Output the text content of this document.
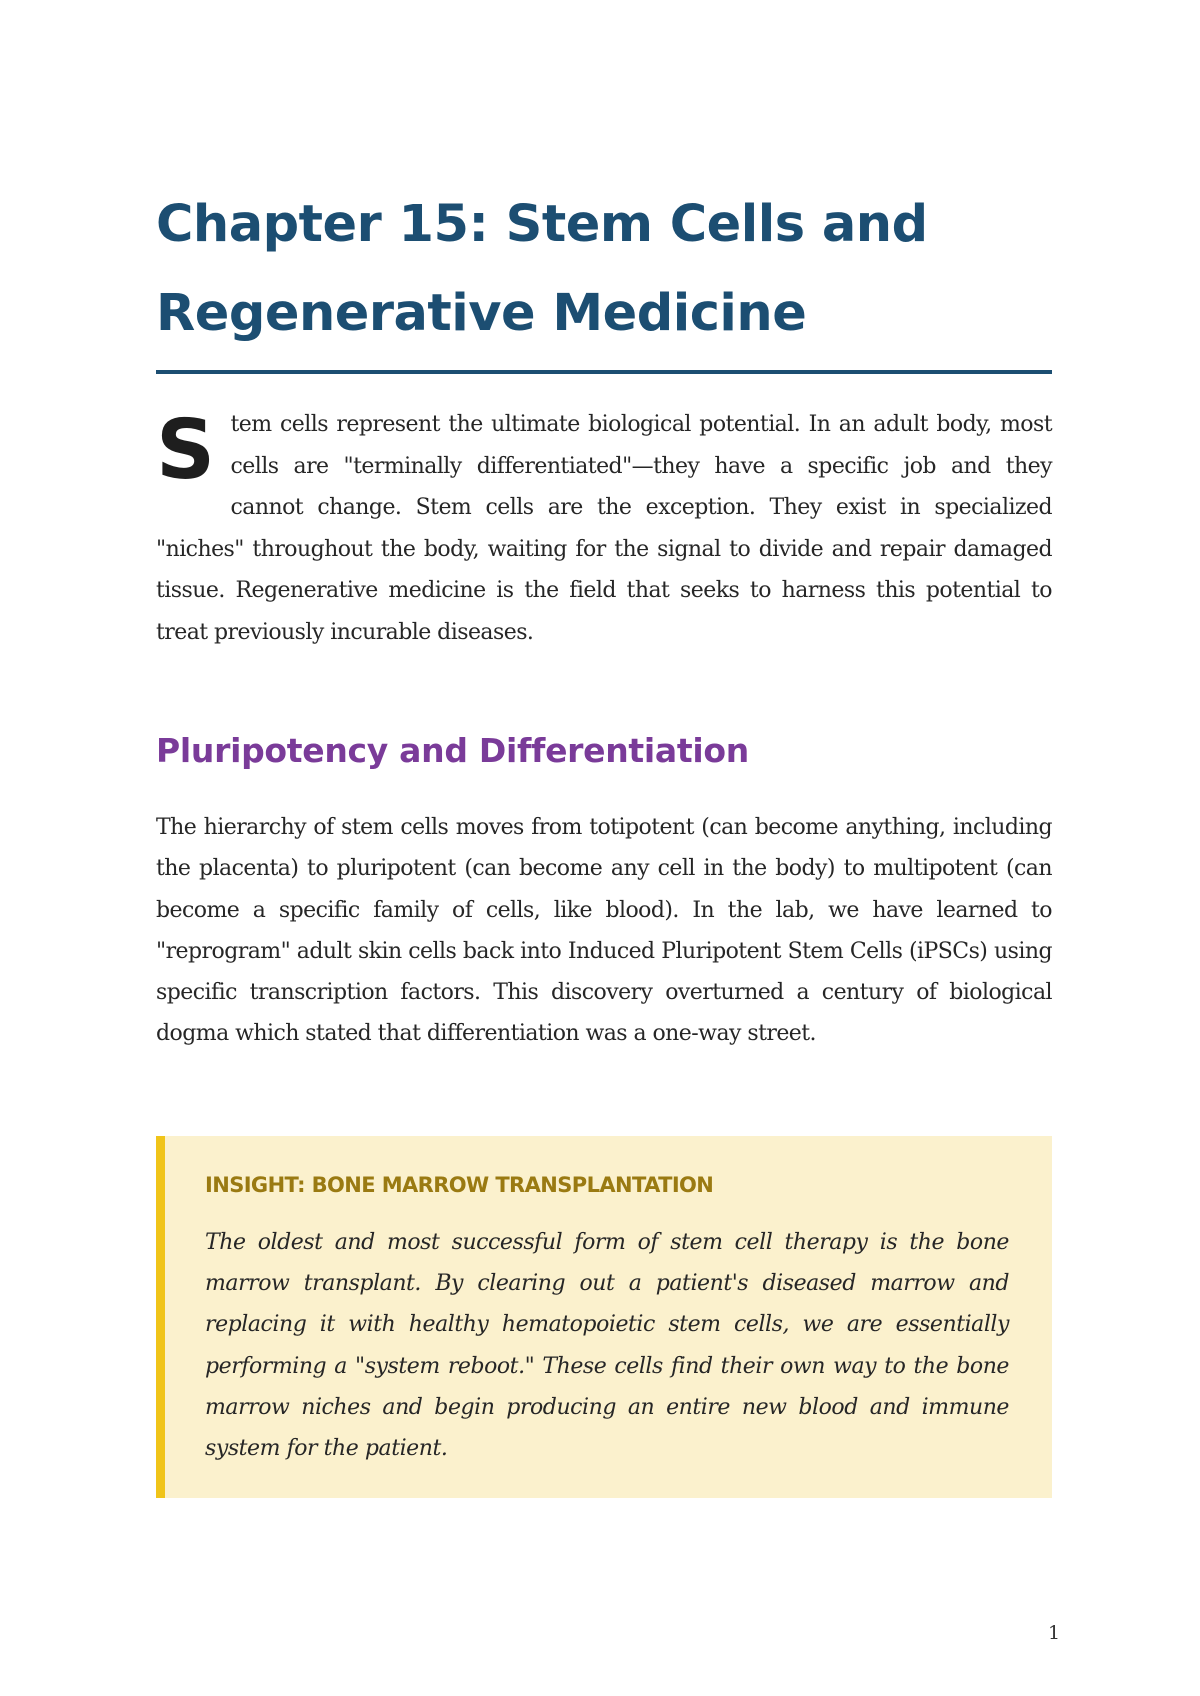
Chapter 15: Stem Cells and
Regenerative Medicine

Stem cells represent the ultimate biological potential. In an adult body, most cells are "terminally differentiated"—they have a specific job and they cannot change. Stem cells are the exception. They exist in specialized "niches" throughout the body, waiting for the signal to divide and repair damaged tissue. Regenerative medicine is the field that seeks to harness this potential to treat previously incurable diseases.

Pluripotency and Differentiation

The hierarchy of stem cells moves from totipotent (can become anything, including the placenta) to pluripotent (can become any cell in the body) to multipotent (can become a specific family of cells, like blood). In the lab, we have learned to "reprogram" adult skin cells back into Induced Pluripotent Stem Cells (iPSCs) using specific transcription factors. This discovery overturned a century of biological dogma which stated that differentiation was a one-way street.

INSIGHT: BONE MARROW TRANSPLANTATION

The oldest and most successful form of stem cell therapy is the bone marrow transplant. By clearing out a patient's diseased marrow and replacing it with healthy hematopoietic stem cells, we are essentially performing a "system reboot." These cells find their own way to the bone marrow niches and begin producing an entire new blood and immune system for the patient.

1
